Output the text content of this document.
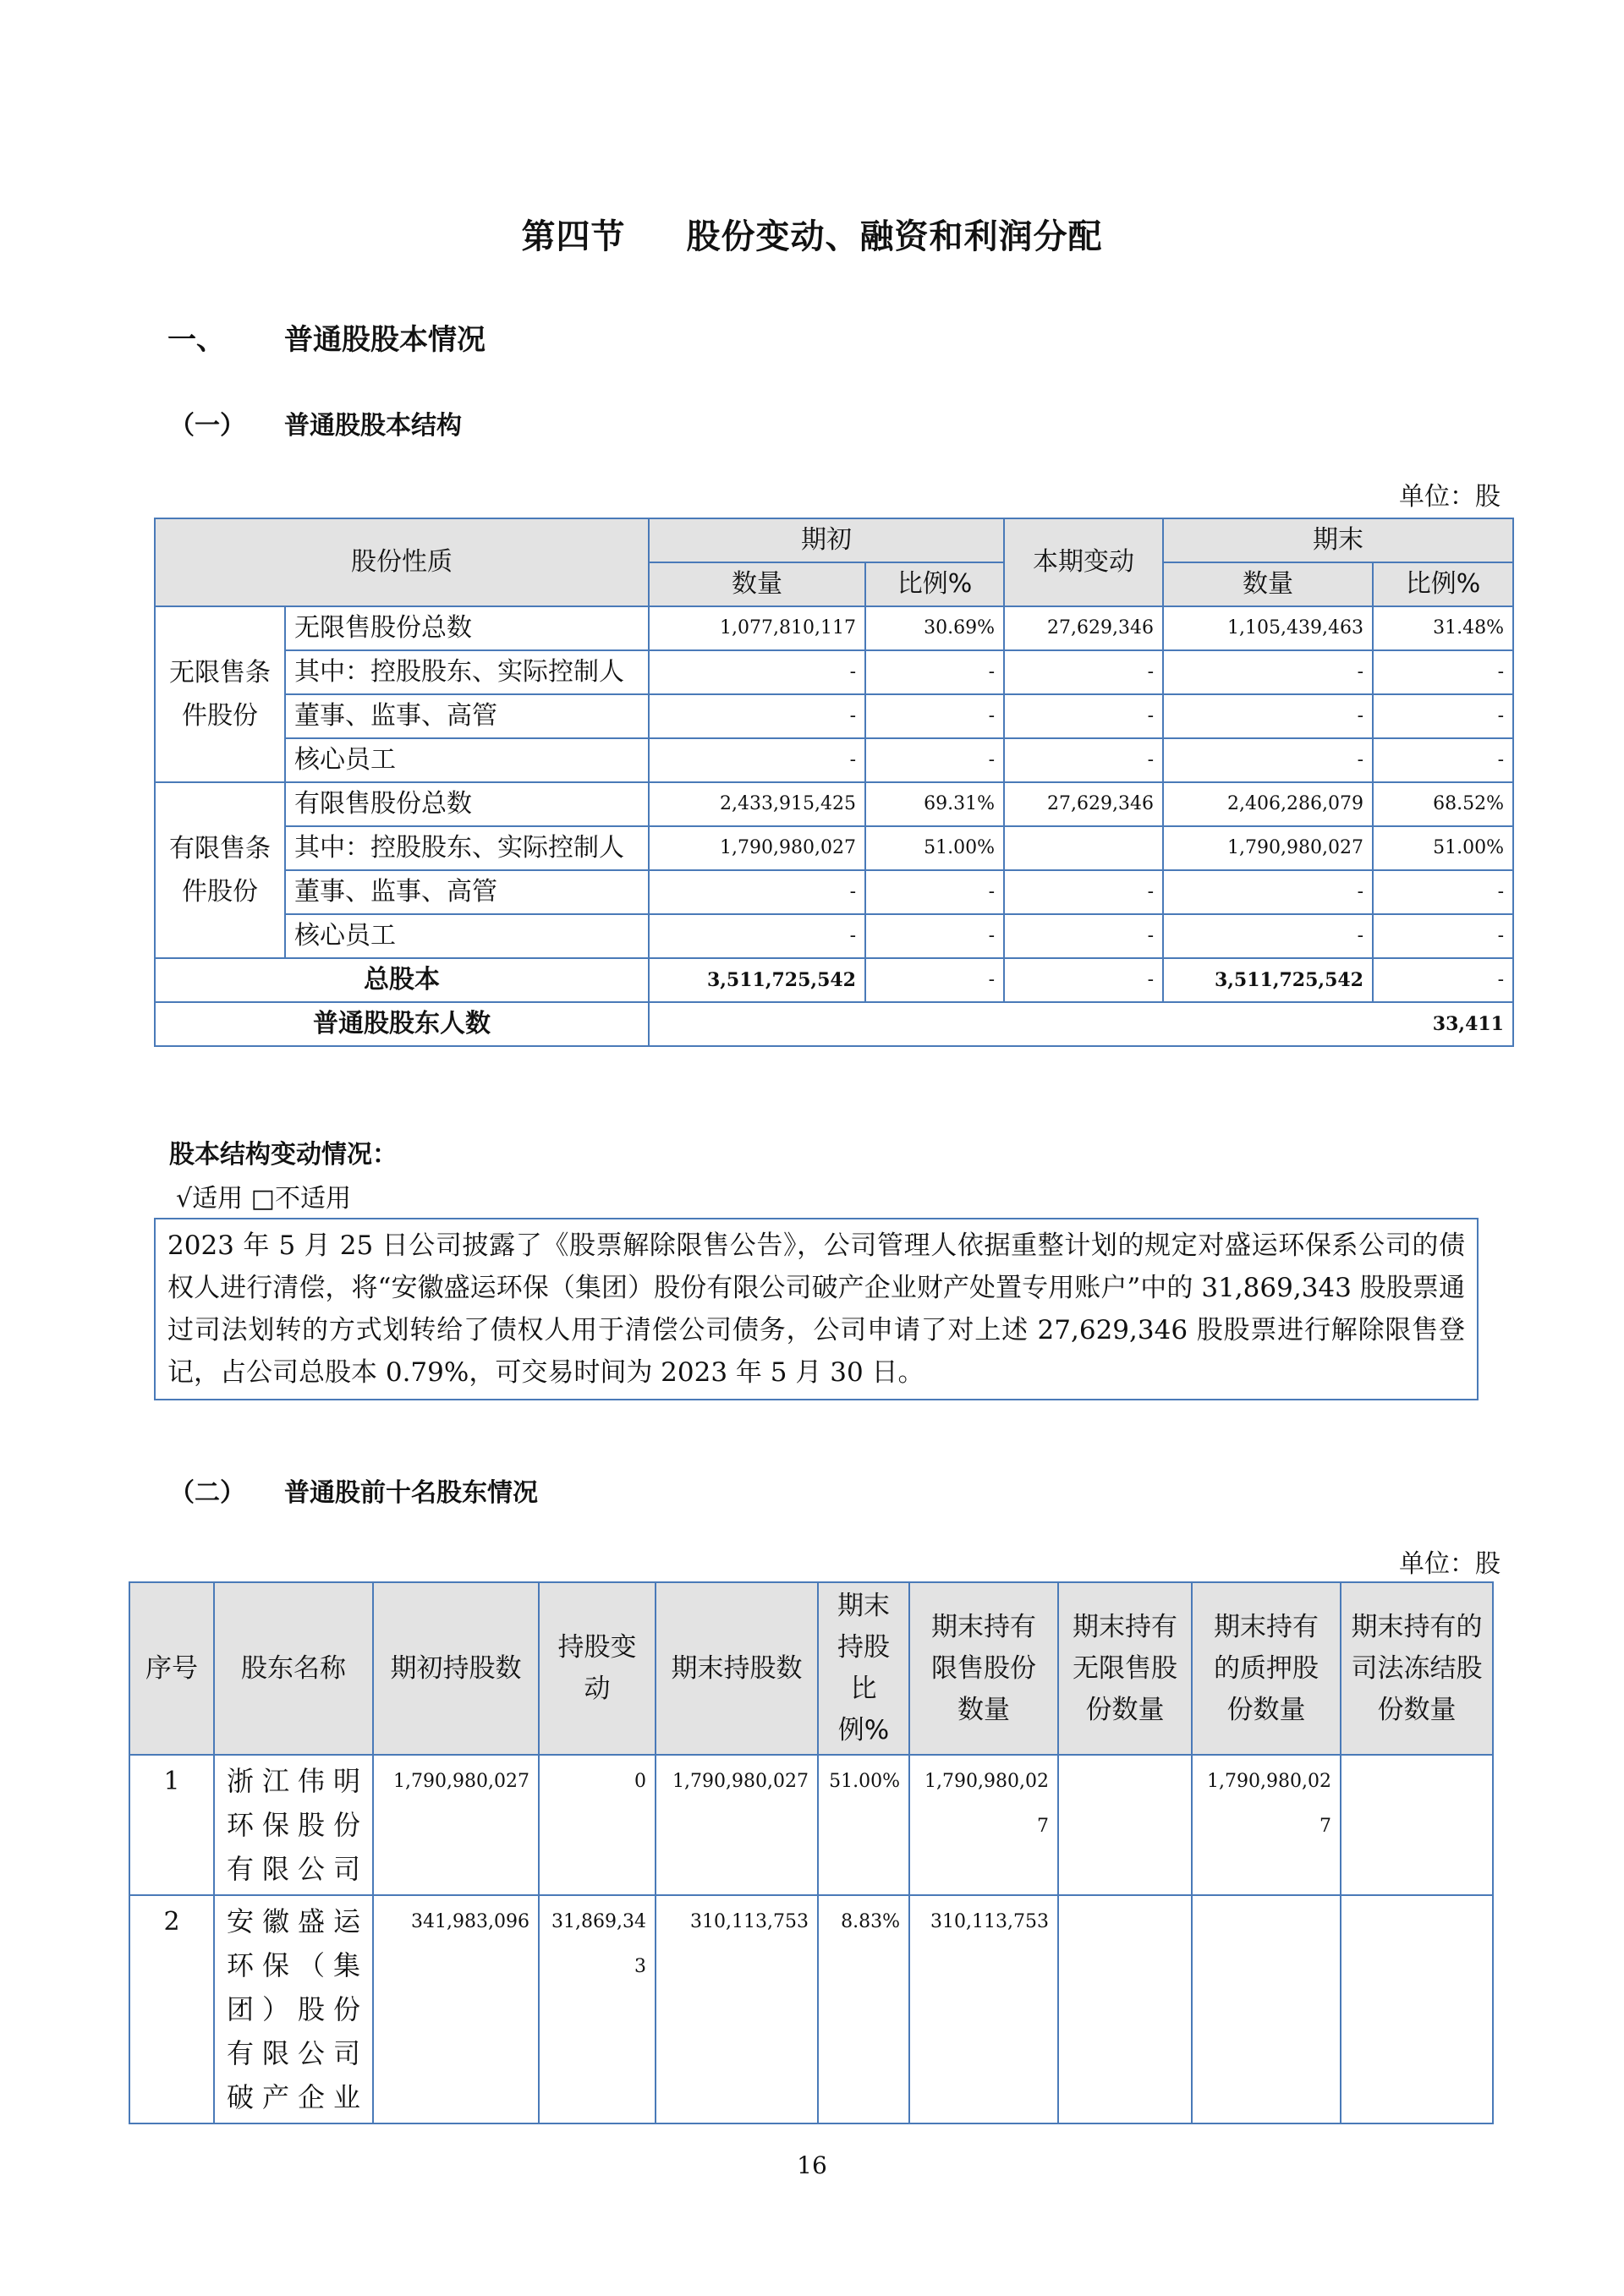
第四节 股份变动、融资和利润分配
一、 普通股股本情况
（一） 普通股股本结构
单位：股
股份性质		期初		本期变动	期末	
		数量	比例%		数量	比例%
无限售条件股份	无限售股份总数	1,077,810,117	30.69%	27,629,346	1,105,439,463	31.48%
	其中：控股股东、实际控制人	-	-	-	-	-
	董事、监事、高管	-	-	-	-	-
	核心员工	-	-	-	-	-
有限售条件股份	有限售股份总数	2,433,915,425	69.31%	27,629,346	2,406,286,079	68.52%
	其中：控股股东、实际控制人	1,790,980,027	51.00%		1,790,980,027	51.00%
	董事、监事、高管	-	-	-	-	-
	核心员工	-	-	-	-	-
总股本		3,511,725,542	-	-	3,511,725,542	-
普通股股东人数		33,411				
股本结构变动情况：
√适用 □不适用
2023 年 5 月 25 日公司披露了《股票解除限售公告》，公司管理人依据重整计划的规定对盛运环保系公司的债权人进行清偿，将“安徽盛运环保（集团）股份有限公司破产企业财产处置专用账户”中的 31,869,343 股股票通过司法划转的方式划转给了债权人用于清偿公司债务，公司申请了对上述 27,629,346 股股票进行解除限售登记，占公司总股本 0.79%，可交易时间为 2023 年 5 月 30 日。
（二） 普通股前十名股东情况
单位：股
序号	股东名称	期初持股数	持股变动	期末持股数	期末持股比例%	期末持有限售股份数量	期末持有无限售股份数量	期末持有的质押股份数量	期末持有的司法冻结股份数量
1	浙江伟明环保股份有限公司	1,790,980,027	0	1,790,980,027	51.00%	1,790,980,027		1,790,980,027	
2	安徽盛运环保（集团）股份有限公司破产企业	341,983,096	31,869,343	310,113,753	8.83%	310,113,753			
16
